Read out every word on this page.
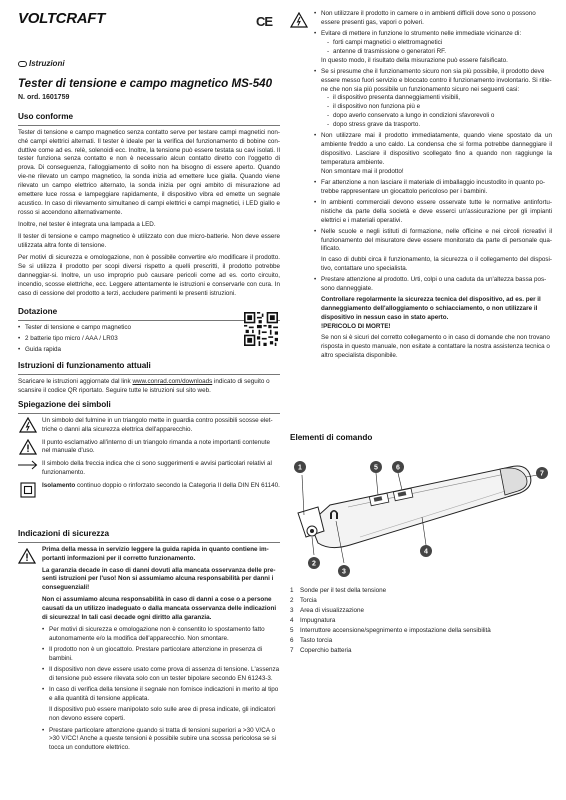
VOLTCRAFT	CE
Istruzioni
Tester di tensione e campo magnetico MS-540
N. ord. 1601759
Uso conforme

Tester di tensione e campo magnetico senza contatto serve per testare campi magnetici non-ché campi elettrici alternati. Il tester è ideale per la verifica del funzionamento di bobine con-duttive come ad es. relè, solenoidi ecc. Inoltre, la tensione può essere testata su cavi isolati. Il tester funziona senza contatto e non è necessario alcun contatto diretto con l'oggetto di prova. Di conseguenza, l'alloggiamento di solito non ha bisogno di essere aperto. Quando vie-ne rilevato un campo magnetico, la sonda inizia ad emettere luce gialla. Quando viene rilevato un campo elettrico alternato, la sonda inizia per ogni ambito di misurazione ad emettere luce rossa e lampeggiare rapidamente, il dispositivo vibra ed emette un segnale acustico. In caso di rilevamento simultaneo di campi elettrici e campi magnetici, i LED giallo e rosso si accendono alternativamente.

Inoltre, nel tester è integrata una lampada a LED.

Il tester di tensione e campo magnetico è utilizzato con due micro-batterie. Non deve essere utilizzata altra fonte di tensione.

Per motivi di sicurezza e omologazione, non è possibile convertire e/o modificare il prodotto. Se si utilizza il prodotto per scopi diversi rispetto a quelli prescritti, il prodotto potrebbe danneggiar-si. Inoltre, un uso improprio può causare pericoli come ad es. corto circuito, incendio, scosse elettriche, ecc. Leggere attentamente le istruzioni e conservarle con cura. In caso di cessione del prodotto a terzi, accludere parimenti le presenti istruzioni.

Dotazione
• Tester di tensione e campo magnetico
• 2 batterie tipo micro / AAA / LR03
• Guida rapida
Istruzioni di funzionamento attuali

Scaricare le istruzioni aggiornate dal link www.conrad.com/downloads indicato di seguito o scansire il codice QR riportato. Seguire tutte le istruzioni sul sito web.

Spiegazione dei simboli
Un simbolo del fulmine in un triangolo mette in guardia contro possibili scosse elet-triche o danni alla sicurezza elettrica dell'apparecchio.
Il punto esclamativo all'interno di un triangolo rimanda a note importanti contenute nel manuale d'uso.
Il simbolo della freccia indica che ci sono suggerimenti e avvisi particolari relativi al funzionamento.
Isolamento continuo doppio o rinforzato secondo la Categoria II della DIN EN 61140.
Indicazioni di sicurezza

Prima della messa in servizio leggere la guida rapida in quanto contiene im-portanti informazioni per il corretto funzionamento.

La garanzia decade in caso di danni dovuti alla mancata osservanza delle pre-senti istruzioni per l'uso! Non si assumiamo alcuna responsabilità per danni i conseguenziali!

Non ci assumiamo alcuna responsabilità in caso di danni a cose o a persone causati da un utilizzo inadeguato o dalla mancata osservanza delle indicazioni di sicurezza! In tali casi decade ogni diritto alla garanzia.

• Per motivi di sicurezza e omologazione non è consentito lo spostamento fatto autonomamente e/o la modifica dell'apparecchio. Non smontare.
• Il prodotto non è un giocattolo. Prestare particolare attenzione in presenza di bambini.
• Il dispositivo non deve essere usato come prova di assenza di tensione. L'assenza di tensione può essere rilevata solo con un tester bipolare secondo EN 61243-3.
• In caso di verifica della tensione il segnale non fornisce indicazioni in merito al tipo e alla quantità di tensione applicata.

Il dispositivo può essere manipolato solo sulle aree di presa indicate, gli indicatori non devono essere coperti.

• Prestare particolare attenzione quando si tratta di tensioni superiori a >30 V/CA o >30 V/CC! Anche a queste tensioni è possibile subire una scossa pericolosa se si tocca un conduttore elettrico.
• Non utilizzare il prodotto in camere o in ambienti difficili dove sono o possono essere presenti gas, vapori o polveri.
• Evitare di mettere in funzione lo strumento nelle immediate vicinanze di:
- forti campi magnetici o elettromagnetici
- antenne di trasmissione o generatori RF.
In questo modo, il risultato della misurazione può essere falsificato.
• Se si presume che il funzionamento sicuro non sia più possibile, il prodotto deve essere messo fuori servizio e bloccato contro il funzionamento involontario. Si ritie-ne che non sia più possibile un funzionamento sicuro nei seguenti casi:
- il dispositivo presenta danneggiamenti visibili,
- il dispositivo non funziona più e
- dopo averlo conservato a lungo in condizioni sfavorevoli o
- dopo stress grave da trasporto.
• Non utilizzare mai il prodotto immediatamente, quando viene spostato da un ambiente freddo a uno caldo. La condensa che si forma potrebbe danneggiare il dispositivo. Lasciare il dispositivo scollegato fino a quando non raggiunge la temperatura ambiente.
Non smontare mai il prodotto!
• Far attenzione a non lasciare il materiale di imballaggio incustodito in quanto po-trebbe rappresentare un giocattolo pericoloso per i bambini.
• In ambienti commerciali devono essere osservate tutte le normative antinfortu-nistiche da parte della società e deve esserci un'assicurazione per gli impianti elettrici e i materiali operativi.
• Nelle scuole e negli istituti di formazione, nelle officine e nei circoli ricreativi il funzionamento del misuratore deve essere monitorato da parte di personale qua-lificato.
In caso di dubbi circa il funzionamento, la sicurezza o il collegamento del disposi-tivo, contattare uno specialista.
• Prestare attenzione al prodotto. Urti, colpi o una caduta da un'altezza bassa pos-sono danneggiate.
Controllare regolarmente la sicurezza tecnica del dispositivo, ad es. per il danneggiamento dell'alloggiamento o schiacciamento, o non utilizzare il dispositivo in nessun caso in stato aperto.
!PERICOLO DI MORTE!
Se non si è sicuri del corretto collegamento o in caso di domande che non trovano risposta in questo manuale, non esitate a contattare la nostra assistenza tecnica o altro specialista disponibile.
Elementi di comando
1
2
3
4
5	6
7
1	Sonde per il test della tensione
2	Torcia
3	Area di visualizzazione
4	Impugnatura
5	Interruttore accensione/spegnimento e impostazione della sensibilità
6	Tasto torcia
7	Coperchio batteria
